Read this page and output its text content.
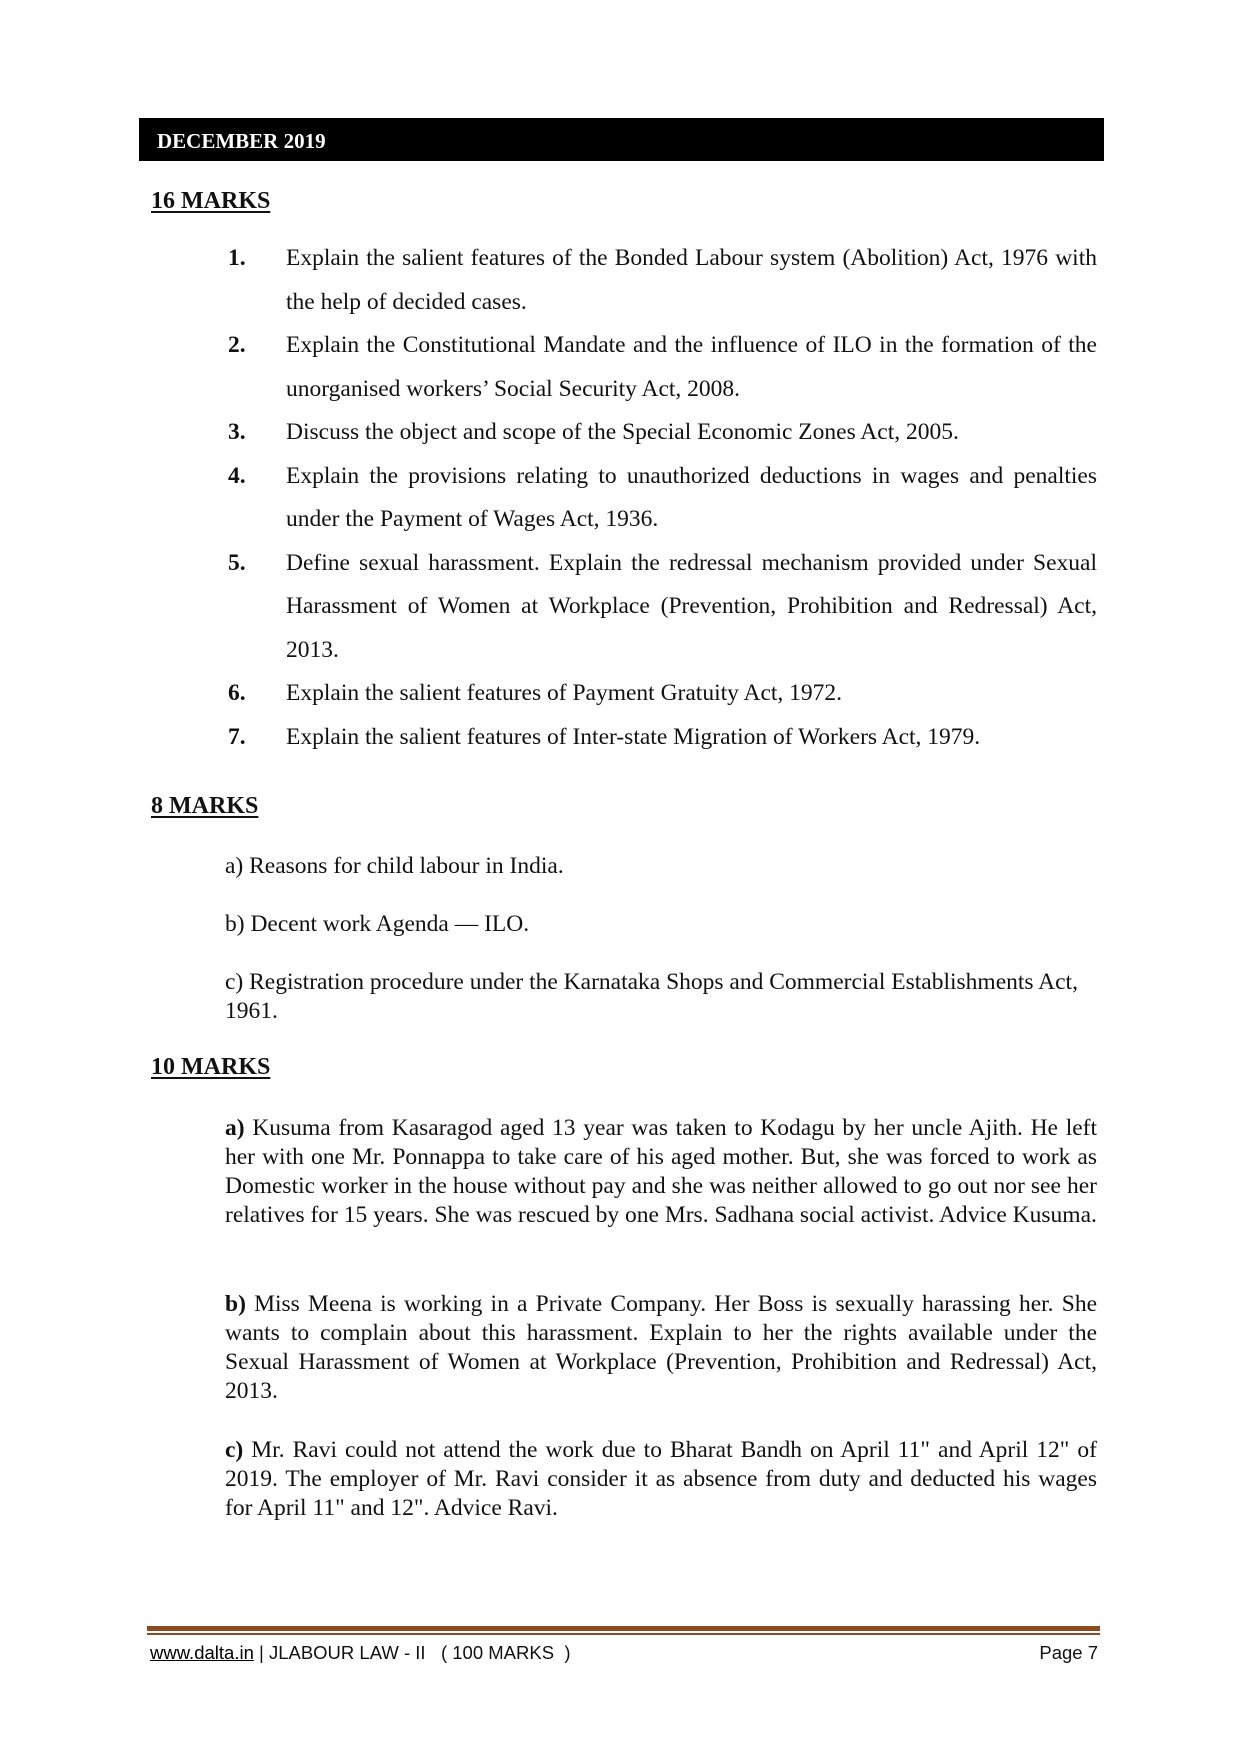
DECEMBER 2019
16 MARKS
1.	Explain the salient features of the Bonded Labour system (Abolition) Act, 1976 with the help of decided cases.
2.	Explain the Constitutional Mandate and the influence of ILO in the formation of the unorganised workers’ Social Security Act, 2008.
3.	Discuss the object and scope of the Special Economic Zones Act, 2005.
4.	Explain the provisions relating to unauthorized deductions in wages and penalties under the Payment of Wages Act, 1936.
5.	Define sexual harassment. Explain the redressal mechanism provided under Sexual Harassment of Women at Workplace (Prevention, Prohibition and Redressal) Act, 2013.
6.	Explain the salient features of Payment Gratuity Act, 1972.
7.	Explain the salient features of Inter-state Migration of Workers Act, 1979.
8 MARKS
a) Reasons for child labour in India.
b) Decent work Agenda — ILO.
c) Registration procedure under the Karnataka Shops and Commercial Establishments Act, 1961.
10 MARKS
a) Kusuma from Kasaragod aged 13 year was taken to Kodagu by her uncle Ajith. He left her with one Mr. Ponnappa to take care of his aged mother. But, she was forced to work as Domestic worker in the house without pay and she was neither allowed to go out nor see her relatives for 15 years. She was rescued by one Mrs. Sadhana social activist. Advice Kusuma.
b) Miss Meena is working in a Private Company. Her Boss is sexually harassing her. She wants to complain about this harassment. Explain to her the rights available under the Sexual Harassment of Women at Workplace (Prevention, Prohibition and Redressal) Act, 2013.
c) Mr. Ravi could not attend the work due to Bharat Bandh on April 11" and April 12" of 2019. The employer of Mr. Ravi consider it as absence from duty and deducted his wages for April 11" and 12". Advice Ravi.
www.dalta.in | JLABOUR LAW - II   ( 100 MARKS  )	Page 7
